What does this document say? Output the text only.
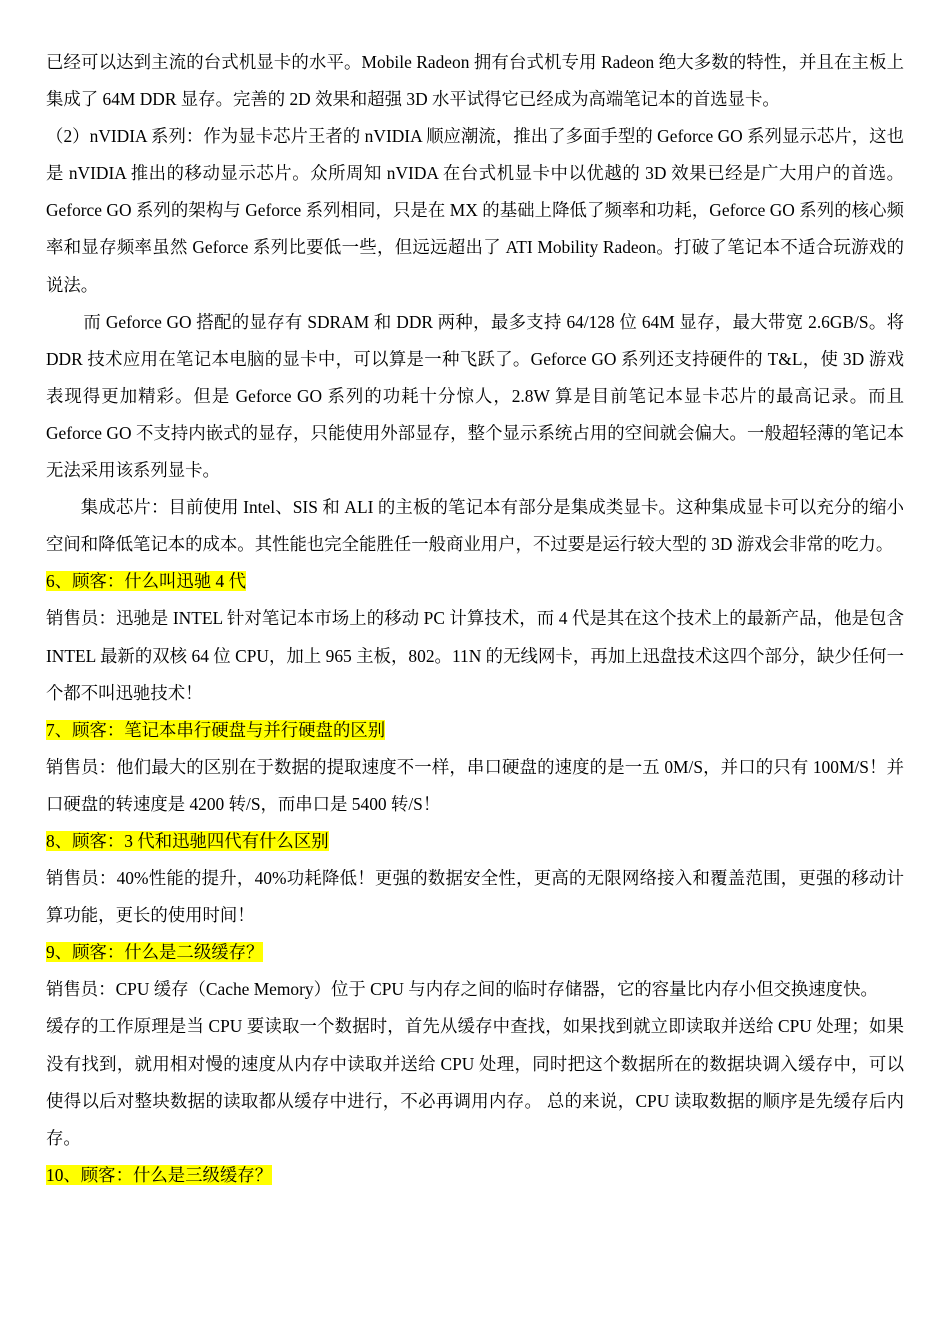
已经可以达到主流的台式机显卡的水平。Mobile Radeon 拥有台式机专用 Radeon 绝大多数的特性，并且在主板上集成了 64M DDR 显存。完善的 2D 效果和超强 3D 水平试得它已经成为高端笔记本的首选显卡。

（2）nVIDIA 系列：作为显卡芯片王者的 nVIDIA 顺应潮流，推出了多面手型的 Geforce GO 系列显示芯片，这也是 nVIDIA 推出的移动显示芯片。众所周知 nVIDA 在台式机显卡中以优越的 3D 效果已经是广大用户的首选。Geforce GO 系列的架构与 Geforce 系列相同，只是在 MX 的基础上降低了频率和功耗，Geforce GO 系列的核心频率和显存频率虽然 Geforce 系列比要低一些，但远远超出了 ATI Mobility Radeon。打破了笔记本不适合玩游戏的说法。

而 Geforce GO 搭配的显存有 SDRAM 和 DDR 两种，最多支持 64/128 位 64M 显存，最大带宽 2.6GB/S。将 DDR 技术应用在笔记本电脑的显卡中，可以算是一种飞跃了。Geforce GO 系列还支持硬件的 T&L，使 3D 游戏表现得更加精彩。但是 Geforce GO 系列的功耗十分惊人，2.8W 算是目前笔记本显卡芯片的最高记录。而且 Geforce GO 不支持内嵌式的显存，只能使用外部显存，整个显示系统占用的空间就会偏大。一般超轻薄的笔记本无法采用该系列显卡。

集成芯片：目前使用 Intel、SIS 和 ALI 的主板的笔记本有部分是集成类显卡。这种集成显卡可以充分的缩小空间和降低笔记本的成本。其性能也完全能胜任一般商业用户，不过要是运行较大型的 3D 游戏会非常的吃力。

6、顾客：什么叫迅驰 4 代

销售员：迅驰是 INTEL 针对笔记本市场上的移动 PC 计算技术，而 4 代是其在这个技术上的最新产品，他是包含 INTEL 最新的双核 64 位 CPU，加上 965 主板，802。11N 的无线网卡，再加上迅盘技术这四个部分，缺少任何一个都不叫迅驰技术！

7、顾客：笔记本串行硬盘与并行硬盘的区别

销售员：他们最大的区别在于数据的提取速度不一样，串口硬盘的速度的是一五 0M/S，并口的只有 100M/S！并口硬盘的转速度是 4200 转/S，而串口是 5400 转/S！

8、顾客：3 代和迅驰四代有什么区别

销售员：40%性能的提升，40%功耗降低！更强的数据安全性，更高的无限网络接入和覆盖范围，更强的移动计算功能，更长的使用时间！

9、顾客：什么是二级缓存？

销售员：CPU 缓存（Cache Memory）位于 CPU 与内存之间的临时存储器，它的容量比内存小但交换速度快。

缓存的工作原理是当 CPU 要读取一个数据时，首先从缓存中查找，如果找到就立即读取并送给 CPU 处理；如果没有找到，就用相对慢的速度从内存中读取并送给 CPU 处理，同时把这个数据所在的数据块调入缓存中，可以使得以后对整块数据的读取都从缓存中进行，不必再调用内存。 总的来说，CPU 读取数据的顺序是先缓存后内存。

10、顾客：什么是三级缓存？
